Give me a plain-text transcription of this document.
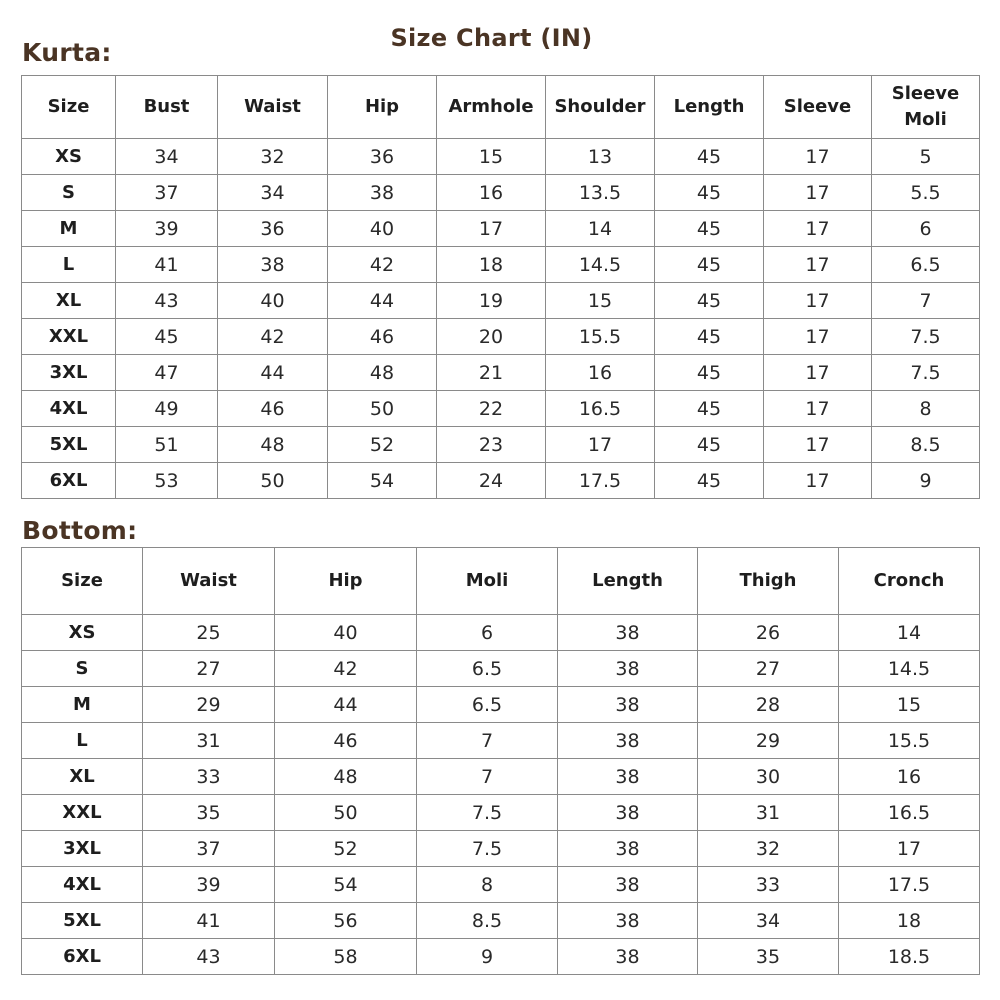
Size Chart (IN)
Kurta:
Size	Bust	Waist	Hip	Armhole	Shoulder	Length	Sleeve	Sleeve Moli
XS	34	32	36	15	13	45	17	5
S	37	34	38	16	13.5	45	17	5.5
M	39	36	40	17	14	45	17	6
L	41	38	42	18	14.5	45	17	6.5
XL	43	40	44	19	15	45	17	7
XXL	45	42	46	20	15.5	45	17	7.5
3XL	47	44	48	21	16	45	17	7.5
4XL	49	46	50	22	16.5	45	17	8
5XL	51	48	52	23	17	45	17	8.5
6XL	53	50	54	24	17.5	45	17	9
Bottom:
Size	Waist	Hip	Moli	Length	Thigh	Cronch
XS	25	40	6	38	26	14
S	27	42	6.5	38	27	14.5
M	29	44	6.5	38	28	15
L	31	46	7	38	29	15.5
XL	33	48	7	38	30	16
XXL	35	50	7.5	38	31	16.5
3XL	37	52	7.5	38	32	17
4XL	39	54	8	38	33	17.5
5XL	41	56	8.5	38	34	18
6XL	43	58	9	38	35	18.5
